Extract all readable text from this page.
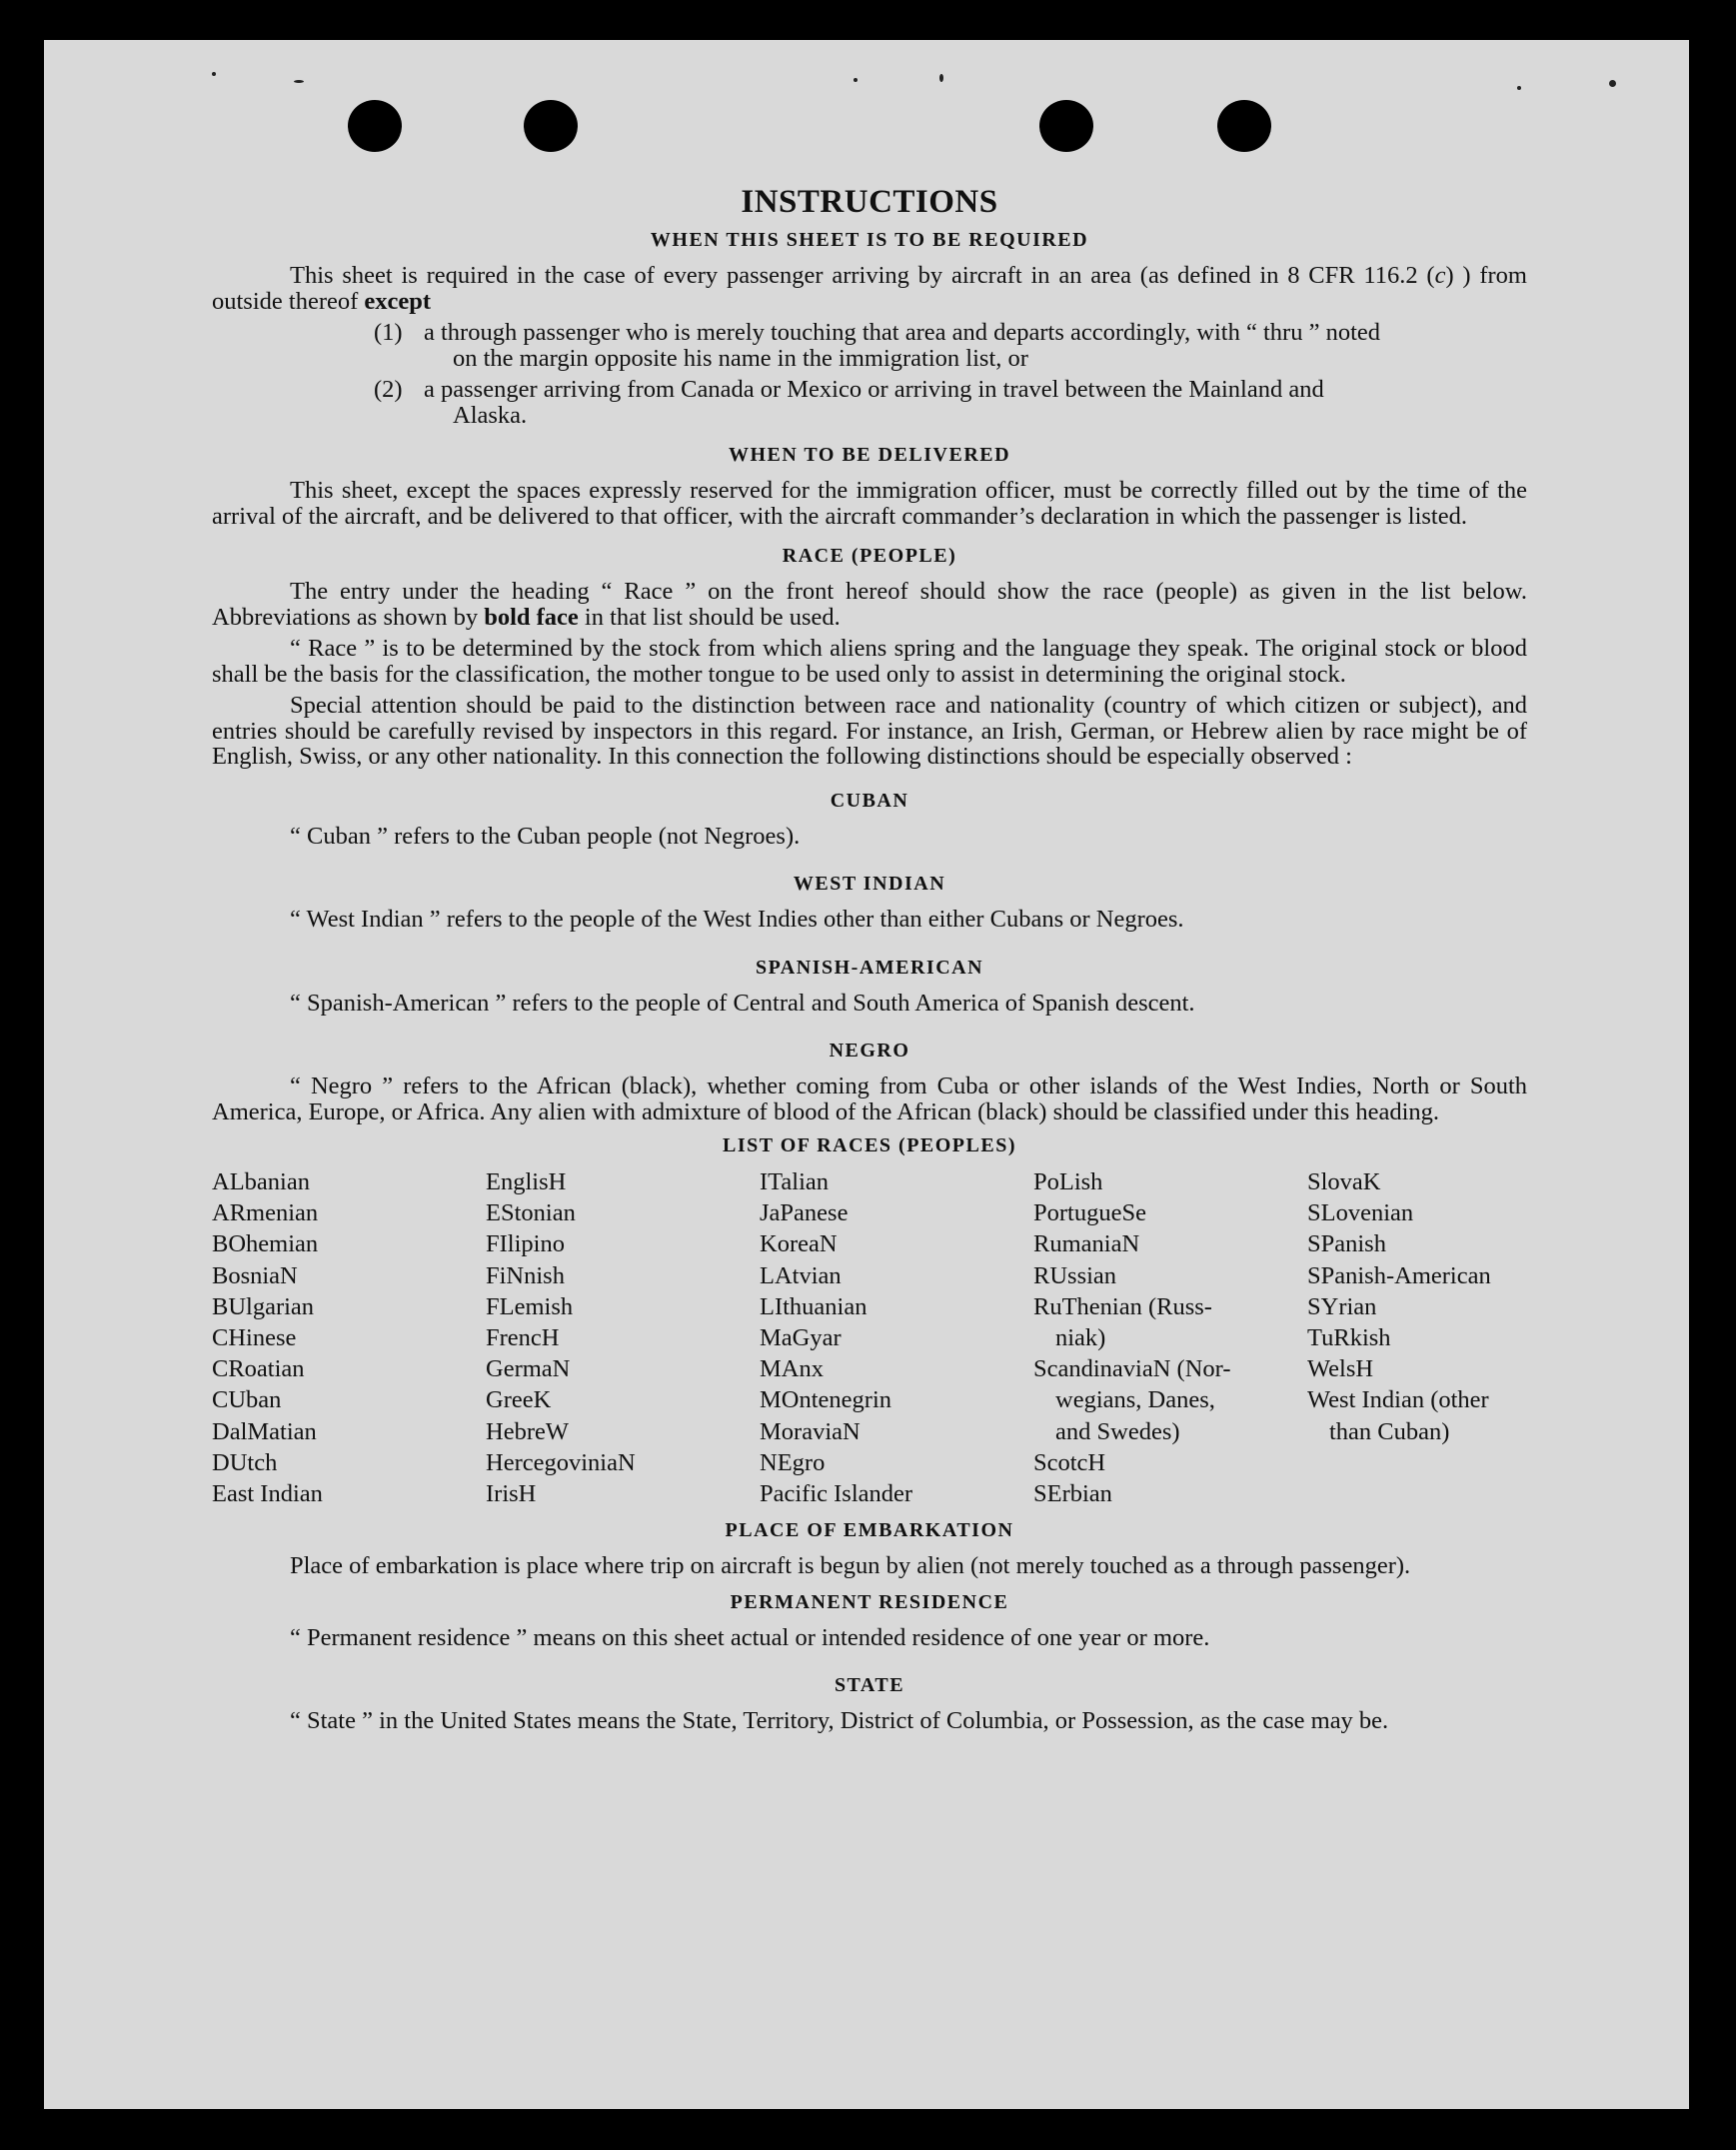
INSTRUCTIONS
WHEN THIS SHEET IS TO BE REQUIRED

This sheet is required in the case of every passenger arriving by aircraft in an area (as defined in 8 CFR 116.2 (c) ) from outside thereof except

(1) a through passenger who is merely touching that area and departs accordingly, with “ thru ” noted
on the margin opposite his name in the immigration list, or
(2) a passenger arriving from Canada or Mexico or arriving in travel between the Mainland and
Alaska.
WHEN TO BE DELIVERED

This sheet, except the spaces expressly reserved for the immigration officer, must be correctly filled out by the time of the arrival of the aircraft, and be delivered to that officer, with the aircraft commander’s declaration in which the passenger is listed.

RACE (PEOPLE)

The entry under the heading “ Race ” on the front hereof should show the race (people) as given in the list below. Abbreviations as shown by bold face in that list should be used.

“ Race ” is to be determined by the stock from which aliens spring and the language they speak. The original stock or blood shall be the basis for the classification, the mother tongue to be used only to assist in determining the original stock.

Special attention should be paid to the distinction between race and nationality (country of which citizen or subject), and entries should be carefully revised by inspectors in this regard. For instance, an Irish, German, or Hebrew alien by race might be of English, Swiss, or any other nationality. In this connection the following distinctions should be especially observed :

CUBAN

“ Cuban ” refers to the Cuban people (not Negroes).

WEST INDIAN

“ West Indian ” refers to the people of the West Indies other than either Cubans or Negroes.

SPANISH-AMERICAN

“ Spanish-American ” refers to the people of Central and South America of Spanish descent.

NEGRO

“ Negro ” refers to the African (black), whether coming from Cuba or other islands of the West Indies, North or South America, Europe, or Africa. Any alien with admixture of blood of the African (black) should be classified under this heading.

LIST OF RACES (PEOPLES)
ALbanian
ARmenian
BOhemian
BosniaN
BUlgarian
CHinese
CRoatian
CUban
DalMatian
DUtch
East Indian
EnglisH
EStonian
FIlipino
FiNnish
FLemish
FrencH
GermaN
GreeK
HebreW
HercegoviniaN
IrisH
ITalian
JaPanese
KoreaN
LAtvian
LIthuanian
MaGyar
MAnx
MOntenegrin
MoraviaN
NEgro
Pacific Islander
PoLish
PortugueSe
RumaniaN
RUssian
RuThenian (Russ-
niak)
ScandinaviaN (Nor-
wegians, Danes,
and Swedes)
ScotcH
SErbian
SlovaK
SLovenian
SPanish
SPanish-American
SYrian
TuRkish
WelsH
West Indian (other
than Cuban)
PLACE OF EMBARKATION

Place of embarkation is place where trip on aircraft is begun by alien (not merely touched as a through passenger).

PERMANENT RESIDENCE

“ Permanent residence ” means on this sheet actual or intended residence of one year or more.

STATE

“ State ” in the United States means the State, Territory, District of Columbia, or Possession, as the case may be.
